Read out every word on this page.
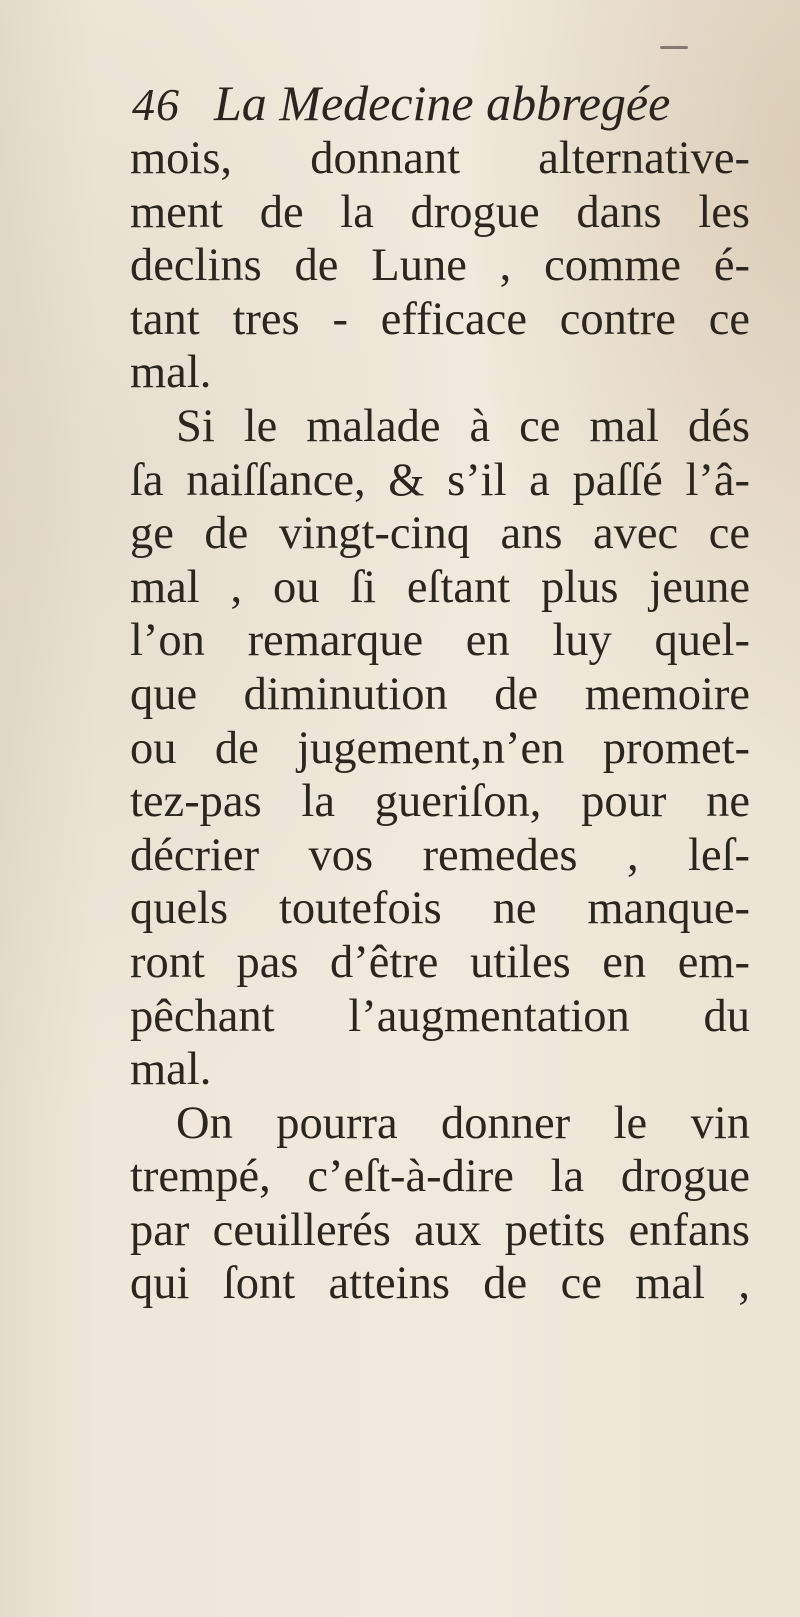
46 La Medecine abbregée
mois, donnant alternative-
ment de la drogue dans les
declins de Lune , comme é-
tant tres - efficace contre ce
mal.
Si le malade à ce mal dés
ſa naiſſance, & s’il a paſſé l’â-
ge de vingt-cinq ans avec ce
mal , ou ſi eſtant plus jeune
l’on remarque en luy quel-
que diminution de memoire
ou de jugement,n’en promet-
tez-pas la gueriſon, pour ne
décrier vos remedes , leſ-
quels toutefois ne manque-
ront pas d’être utiles en em-
pêchant l’augmentation du
mal.
On pourra donner le vin
trempé, c’eſt-à-dire la drogue
par ceuillerés aux petits enfans
qui ſont atteins de ce mal ,
